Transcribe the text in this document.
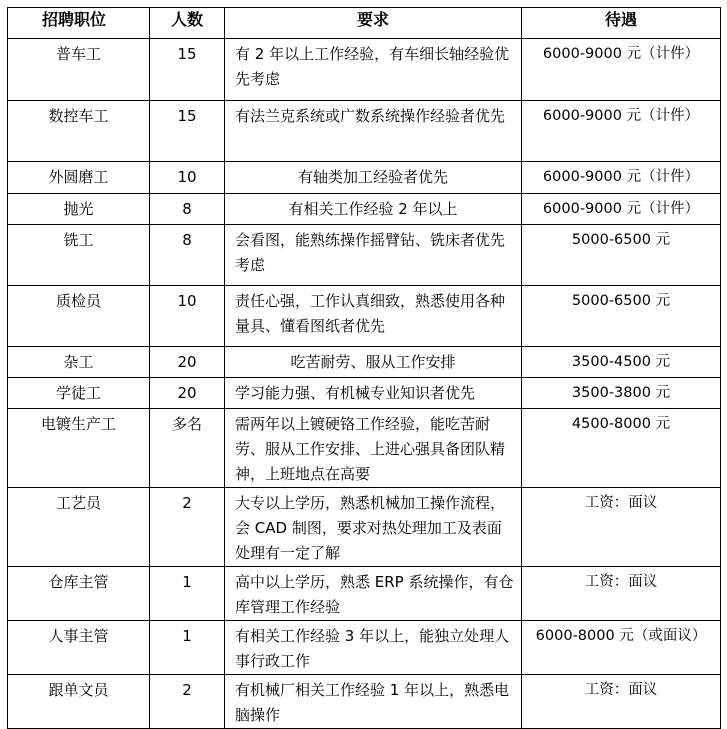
招聘职位	人数	要求	待遇
普车工	15	有 2 年以上工作经验，有车细长轴经验优先考虑	6000-9000 元（计件）
数控车工	15	有法兰克系统或广数系统操作经验者优先	6000-9000 元（计件）
外圆磨工	10	有轴类加工经验者优先	6000-9000 元（计件）
抛光	8	有相关工作经验 2 年以上	6000-9000 元（计件）
铣工	8	会看图，能熟练操作摇臂钻、铣床者优先考虑	5000-6500 元
质检员	10	责任心强，工作认真细致，熟悉使用各种量具、懂看图纸者优先	5000-6500 元
杂工	20	吃苦耐劳、服从工作安排	3500-4500 元
学徒工	20	学习能力强、有机械专业知识者优先	3500-3800 元
电镀生产工	多名	需两年以上镀硬铬工作经验，能吃苦耐劳、服从工作安排、上进心强具备团队精神，上班地点在高要	4500-8000 元
工艺员	2	大专以上学历，熟悉机械加工操作流程，会 CAD 制图，要求对热处理加工及表面处理有一定了解	工资：面议
仓库主管	1	高中以上学历，熟悉 ERP 系统操作，有仓库管理工作经验	工资：面议
人事主管	1	有相关工作经验 3 年以上，能独立处理人事行政工作	6000-8000 元（或面议）
跟单文员	2	有机械厂相关工作经验 1 年以上，熟悉电脑操作	工资：面议
